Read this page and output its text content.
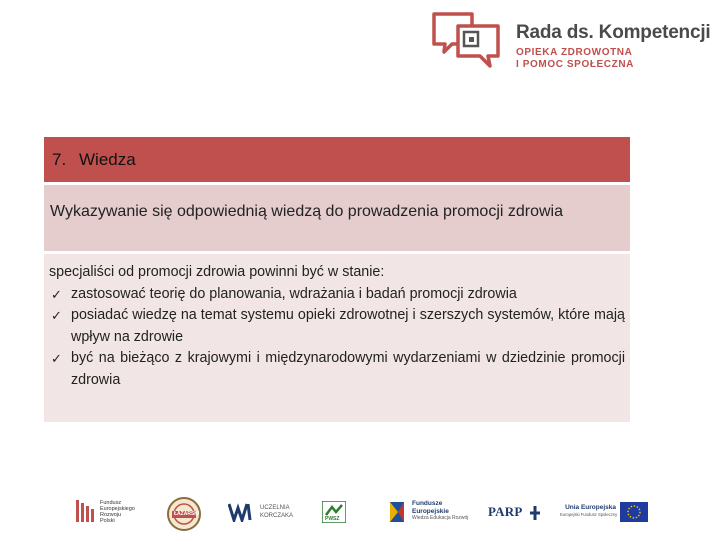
Rada ds. Kompetencji
OPIEKA ZDROWOTNA
I POMOC SPOŁECZNA
7. Wiedza

Wykazywanie się odpowiednią wiedzą do prowadzenia promocji zdrowia

specjaliści od promocji zdrowia powinni być w stanie:
✓ zastosować teorię do planowania, wdrażania i badań promocji zdrowia
✓ posiadać wiedzę na temat systemu opieki zdrowotnej i szerszych systemów, które mają wpływ na zdrowie
✓ być na bieżąco z krajowymi i międzynarodowymi wydarzeniami w dziedzinie promocji zdrowia
Fundusz
Europejskiego
Rozwoju
Polski
ŁAZARSKI
UCZELNIA
KORCZAKA	PWSZ
Fundusze
Europejskie
Wiedza Edukacja Rozwój PARP	Unia Europejska
Europejski Fundusz Społeczny
